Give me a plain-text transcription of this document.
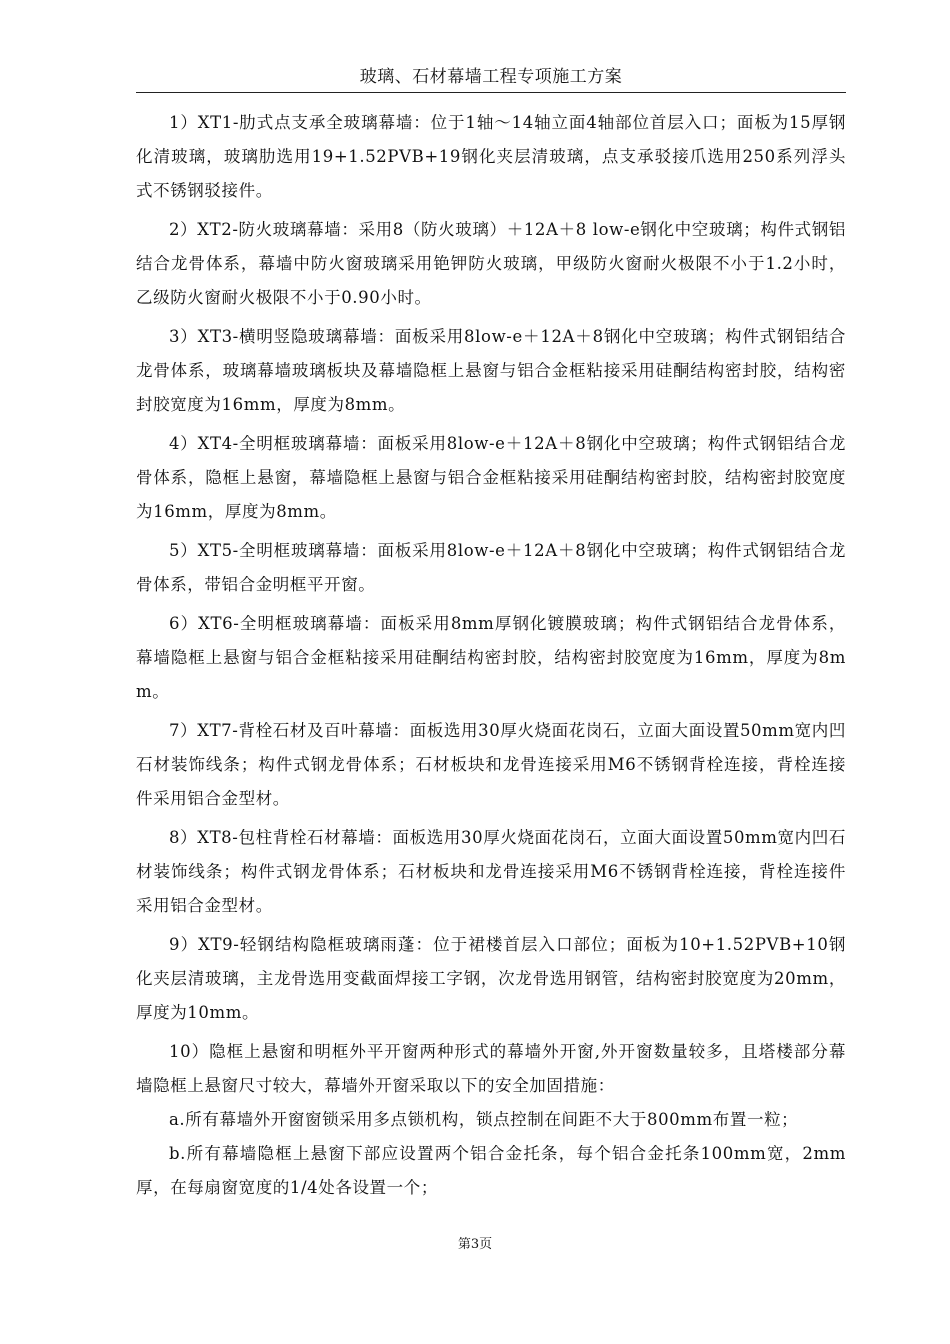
玻璃、石材幕墙工程专项施工方案

1）XT1-肋式点支承全玻璃幕墙：位于1轴～14轴立面4轴部位首层入口；面板为15厚钢化清玻璃，玻璃肋选用19+1.52PVB+19钢化夹层清玻璃，点支承驳接爪选用250系列浮头式不锈钢驳接件。

2）XT2-防火玻璃幕墙：采用8（防火玻璃）＋12A＋8 low-e钢化中空玻璃；构件式钢铝结合龙骨体系，幕墙中防火窗玻璃采用铯钾防火玻璃，甲级防火窗耐火极限不小于1.2小时，乙级防火窗耐火极限不小于0.90小时。

3）XT3-横明竖隐玻璃幕墙：面板采用8low-e＋12A＋8钢化中空玻璃；构件式钢铝结合龙骨体系，玻璃幕墙玻璃板块及幕墙隐框上悬窗与铝合金框粘接采用硅酮结构密封胶，结构密封胶宽度为16mm，厚度为8mm。

4）XT4-全明框玻璃幕墙：面板采用8low-e＋12A＋8钢化中空玻璃；构件式钢铝结合龙骨体系，隐框上悬窗，幕墙隐框上悬窗与铝合金框粘接采用硅酮结构密封胶，结构密封胶宽度为16mm，厚度为8mm。

5）XT5-全明框玻璃幕墙：面板采用8low-e＋12A＋8钢化中空玻璃；构件式钢铝结合龙骨体系，带铝合金明框平开窗。

6）XT6-全明框玻璃幕墙：面板采用8mm厚钢化镀膜玻璃；构件式钢铝结合龙骨体系，幕墙隐框上悬窗与铝合金框粘接采用硅酮结构密封胶，结构密封胶宽度为16mm，厚度为8mm。

7）XT7-背栓石材及百叶幕墙：面板选用30厚火烧面花岗石，立面大面设置50mm宽内凹石材装饰线条；构件式钢龙骨体系；石材板块和龙骨连接采用M6不锈钢背栓连接，背栓连接件采用铝合金型材。

8）XT8-包柱背栓石材幕墙：面板选用30厚火烧面花岗石，立面大面设置50mm宽内凹石材装饰线条；构件式钢龙骨体系；石材板块和龙骨连接采用M6不锈钢背栓连接，背栓连接件采用铝合金型材。

9）XT9-轻钢结构隐框玻璃雨蓬：位于裙楼首层入口部位；面板为10+1.52PVB+10钢化夹层清玻璃，主龙骨选用变截面焊接工字钢，次龙骨选用钢管，结构密封胶宽度为20mm，厚度为10mm。

10）隐框上悬窗和明框外平开窗两种形式的幕墙外开窗,外开窗数量较多，且塔楼部分幕墙隐框上悬窗尺寸较大，幕墙外开窗采取以下的安全加固措施：

a.所有幕墙外开窗窗锁采用多点锁机构，锁点控制在间距不大于800mm布置一粒；

b.所有幕墙隐框上悬窗下部应设置两个铝合金托条，每个铝合金托条100mm宽，2mm厚，在每扇窗宽度的1/4处各设置一个；

第3页
